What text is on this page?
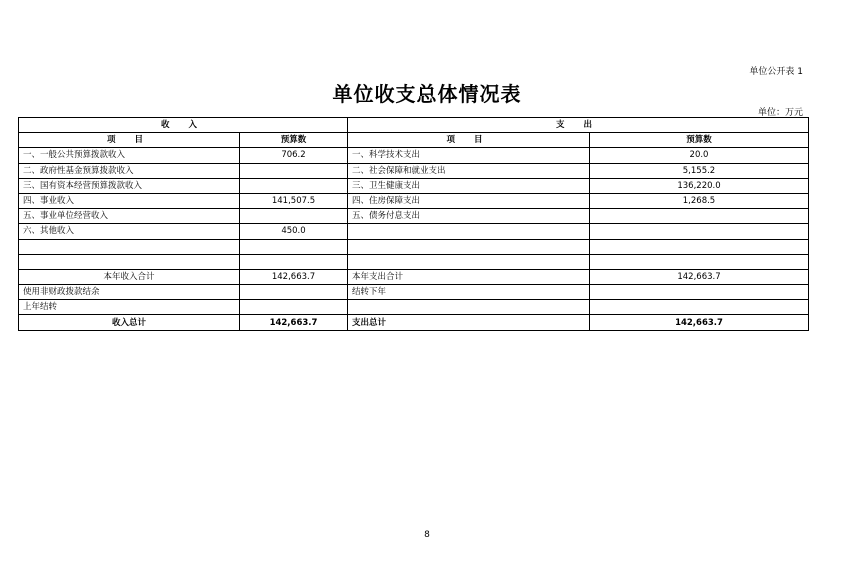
单位公开表 1
单位收支总体情况表
单位：万元
收 入		支 出	
项 目	预算数	项 目	预算数
一、一般公共预算拨款收入	706.2	一、科学技术支出	20.0
二、政府性基金预算拨款收入		二、社会保障和就业支出	5,155.2
三、国有资本经营预算拨款收入		三、卫生健康支出	136,220.0
四、事业收入	141,507.5	四、住房保障支出	1,268.5
五、事业单位经营收入		五、债务付息支出	
六、其他收入	450.0		

本年收入合计	142,663.7	本年支出合计	142,663.7
使用非财政拨款结余		结转下年	
上年结转			
收入总计	142,663.7	支出总计	142,663.7
8
